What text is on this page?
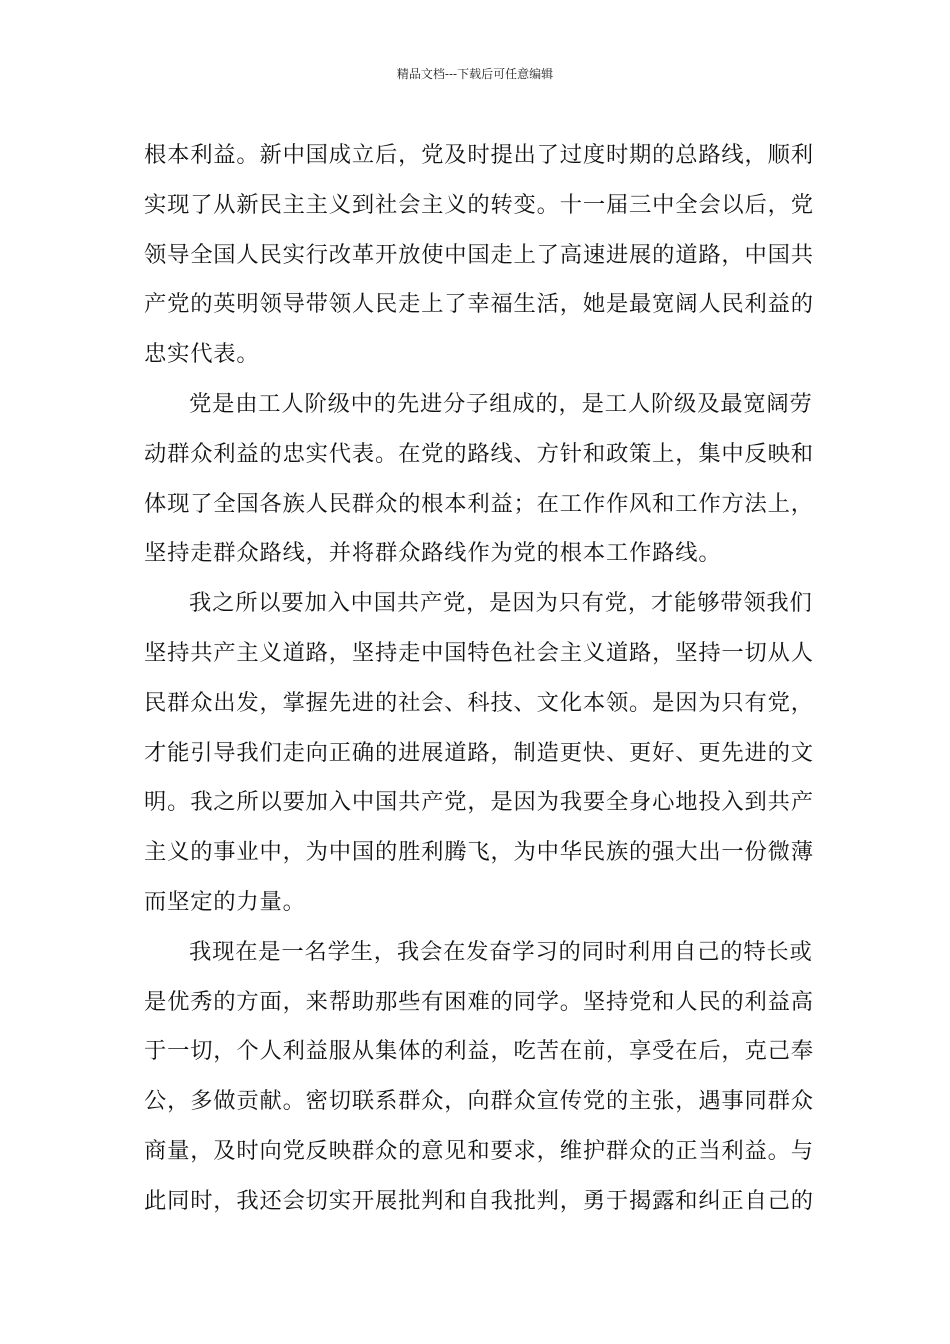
精品文档---下载后可任意编辑
根本利益。新中国成立后，党及时提出了过度时期的总路线，顺利
实现了从新民主主义到社会主义的转变。十一届三中全会以后，党
领导全国人民实行改革开放使中国走上了高速进展的道路，中国共
产党的英明领导带领人民走上了幸福生活，她是最宽阔人民利益的
忠实代表。
党是由工人阶级中的先进分子组成的，是工人阶级及最宽阔劳
动群众利益的忠实代表。在党的路线、方针和政策上，集中反映和
体现了全国各族人民群众的根本利益；在工作作风和工作方法上，
坚持走群众路线，并将群众路线作为党的根本工作路线。
我之所以要加入中国共产党，是因为只有党，才能够带领我们
坚持共产主义道路，坚持走中国特色社会主义道路，坚持一切从人
民群众出发，掌握先进的社会、科技、文化本领。是因为只有党，
才能引导我们走向正确的进展道路，制造更快、更好、更先进的文
明。我之所以要加入中国共产党，是因为我要全身心地投入到共产
主义的事业中，为中国的胜利腾飞，为中华民族的强大出一份微薄
而坚定的力量。
我现在是一名学生，我会在发奋学习的同时利用自己的特长或
是优秀的方面，来帮助那些有困难的同学。坚持党和人民的利益高
于一切，个人利益服从集体的利益，吃苦在前，享受在后，克己奉
公，多做贡献。密切联系群众，向群众宣传党的主张，遇事同群众
商量，及时向党反映群众的意见和要求，维护群众的正当利益。与
此同时，我还会切实开展批判和自我批判，勇于揭露和纠正自己的
